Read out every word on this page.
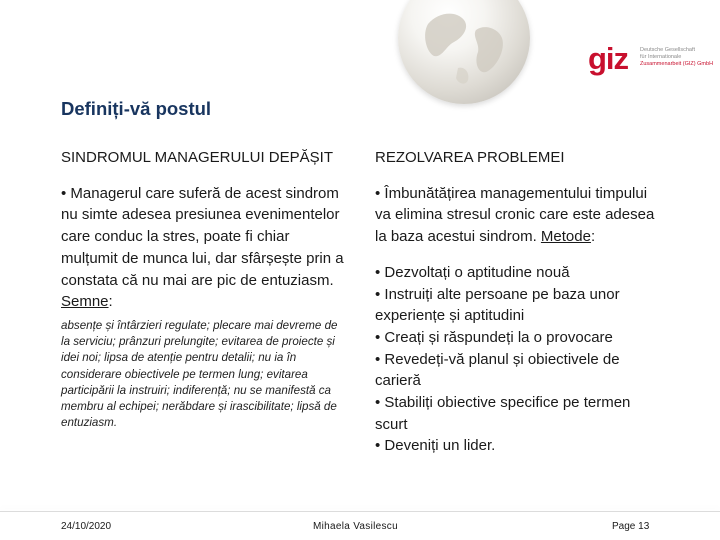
giz Deutsche Gesellschaft
für Internationale
Zusammenarbeit (GIZ) GmbH
Definiți-vă postul

SINDROMUL MANAGERULUI DEPĂȘIT

• Managerul care suferă de acest sindrom nu simte adesea presiunea evenimentelor care conduc la stres, poate fi chiar mulțumit de munca lui, dar sfârșește prin a constata că nu mai are pic de entuziasm. Semne:

absențe și întârzieri regulate; plecare mai devreme de la serviciu; prânzuri prelungite; evitarea de proiecte și idei noi; lipsa de atenție pentru detalii; nu ia în considerare obiectivele pe termen lung; evitarea participării la instruiri; indiferență; nu se manifestă ca membru al echipei; nerăbdare și irascibilitate; lipsă de entuziasm.

REZOLVAREA PROBLEMEI

• Îmbunătățirea managementului timpului va elimina stresul cronic care este adesea la baza acestui sindrom. Metode:

• Dezvoltați o aptitudine nouă
• Instruiți alte persoane pe baza unor experiențe și aptitudini
• Creați și răspundeți la o provocare
• Revedeți-vă planul și obiectivele de carieră
• Stabiliți obiective specifice pe termen scurt
• Deveniți un lider.

24/10/2020	Mihaela Vasilescu	Page 13
